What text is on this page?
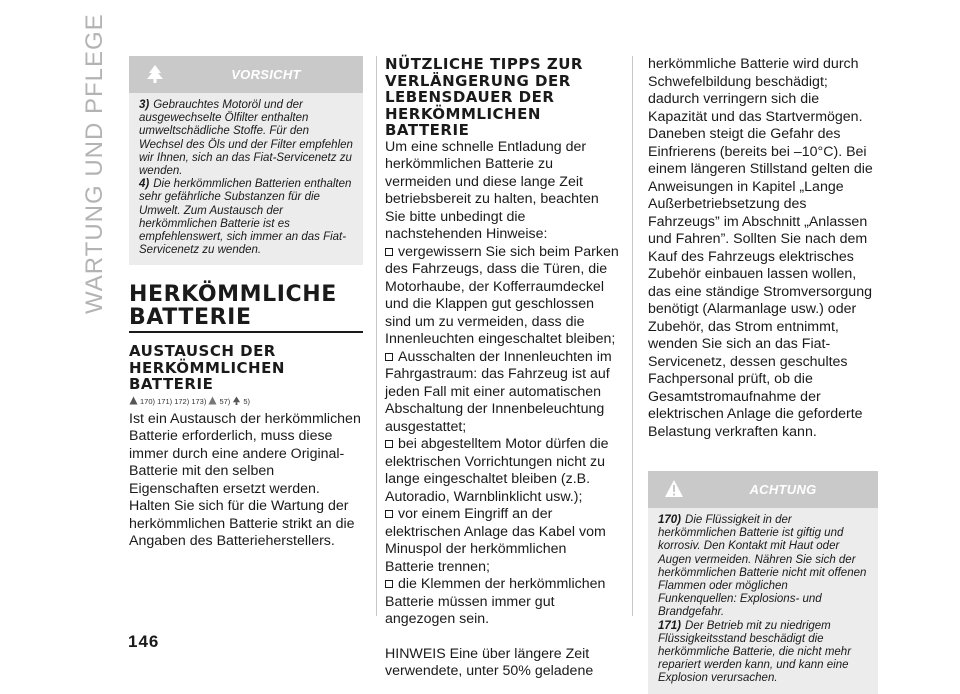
WARTUNG UND PFLEGE
146
VORSICHT

3) Gebrauchtes Motoröl und der ausgewechselte Ölfilter enthalten umweltschädliche Stoffe. Für den Wechsel des Öls und der Filter empfehlen wir Ihnen, sich an das Fiat-Servicenetz zu wenden.

4) Die herkömmlichen Batterien enthalten sehr gefährliche Substanzen für die Umwelt. Zum Austausch der herkömmlichen Batterie ist es empfehlenswert, sich immer an das Fiat-Servicenetz zu wenden.

HERKÖMMLICHE BATTERIE
AUSTAUSCH DER HERKÖMMLICHEN BATTERIE
170) 171) 172) 173) 57) 5)

Ist ein Austausch der herkömmlichen Batterie erforderlich, muss diese immer durch eine andere Original-Batterie mit den selben Eigenschaften ersetzt werden. Halten Sie sich für die Wartung der herkömmlichen Batterie strikt an die Angaben des Batterieherstellers.

NÜTZLICHE TIPPS ZUR VERLÄNGERUNG DER LEBENSDAUER DER HERKÖMMLICHEN BATTERIE

Um eine schnelle Entladung der herkömmlichen Batterie zu vermeiden und diese lange Zeit betriebsbereit zu halten, beachten Sie bitte unbedingt die nachstehenden Hinweise:

vergewissern Sie sich beim Parken des Fahrzeugs, dass die Türen, die Motorhaube, der Kofferraumdeckel und die Klappen gut geschlossen sind um zu vermeiden, dass die Innenleuchten eingeschaltet bleiben;

Ausschalten der Innenleuchten im Fahrgastraum: das Fahrzeug ist auf jeden Fall mit einer automatischen Abschaltung der Innenbeleuchtung ausgestattet;

bei abgestelltem Motor dürfen die elektrischen Vorrichtungen nicht zu lange eingeschaltet bleiben (z.B. Autoradio, Warnblinklicht usw.);

vor einem Eingriff an der elektrischen Anlage das Kabel vom Minuspol der herkömmlichen Batterie trennen;

die Klemmen der herkömmlichen Batterie müssen immer gut angezogen sein.

HINWEIS Eine über längere Zeit verwendete, unter 50% geladene

herkömmliche Batterie wird durch Schwefelbildung beschädigt; dadurch verringern sich die Kapazität und das Startvermögen. Daneben steigt die Gefahr des Einfrierens (bereits bei –10°C). Bei einem längeren Stillstand gelten die Anweisungen in Kapitel „Lange Außerbetriebsetzung des Fahrzeugs” im Abschnitt „Anlassen und Fahren”. Sollten Sie nach dem Kauf des Fahrzeugs elektrisches Zubehör einbauen lassen wollen, das eine ständige Stromversorgung benötigt (Alarmanlage usw.) oder Zubehör, das Strom entnimmt, wenden Sie sich an das Fiat-Servicenetz, dessen geschultes Fachpersonal prüft, ob die Gesamtstromaufnahme der elektrischen Anlage die geforderte Belastung verkraften kann.

ACHTUNG

170) Die Flüssigkeit in der herkömmlichen Batterie ist giftig und korrosiv. Den Kontakt mit Haut oder Augen vermeiden. Nähren Sie sich der herkömmlichen Batterie nicht mit offenen Flammen oder möglichen Funkenquellen: Explosions- und Brandgefahr.

171) Der Betrieb mit zu niedrigem Flüssigkeitsstand beschädigt die herkömmliche Batterie, die nicht mehr repariert werden kann, und kann eine Explosion verursachen.
